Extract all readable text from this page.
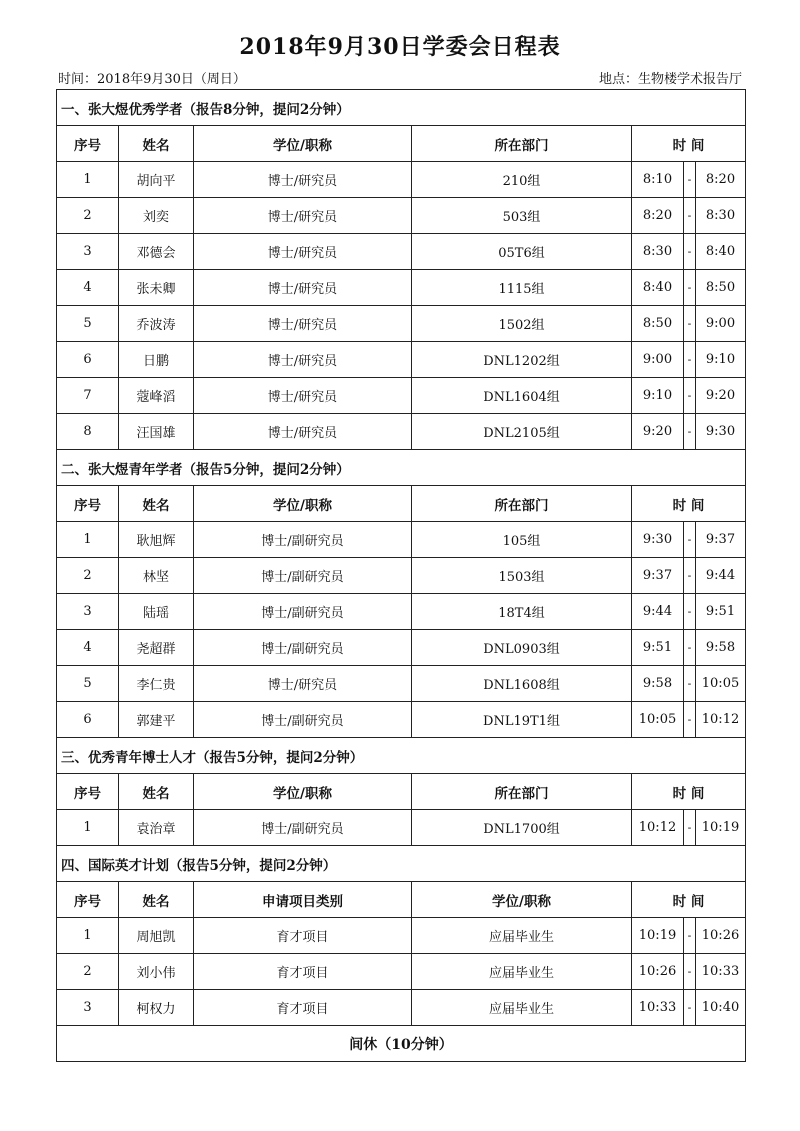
2018年9月30日学委会日程表
时间：2018年9月30日（周日）	地点：生物楼学术报告厅
一、张大煜优秀学者（报告8分钟，提问2分钟）						
序号	姓名	学位/职称	所在部门	时 间		
1	胡向平	博士/研究员	210组	8:10	-	8:20
2	刘奕	博士/研究员	503组	8:20	-	8:30
3	邓德会	博士/研究员	05T6组	8:30	-	8:40
4	张未卿	博士/研究员	1115组	8:40	-	8:50
5	乔波涛	博士/研究员	1502组	8:50	-	9:00
6	日鹏	博士/研究员	DNL1202组	9:00	-	9:10
7	蔻峰滔	博士/研究员	DNL1604组	9:10	-	9:20
8	汪国雄	博士/研究员	DNL2105组	9:20	-	9:30
二、张大煜青年学者（报告5分钟，提问2分钟）						
序号	姓名	学位/职称	所在部门	时 间		
1	耿旭辉	博士/副研究员	105组	9:30	-	9:37
2	林坚	博士/副研究员	1503组	9:37	-	9:44
3	陆瑶	博士/副研究员	18T4组	9:44	-	9:51
4	尧超群	博士/副研究员	DNL0903组	9:51	-	9:58
5	李仁贵	博士/研究员	DNL1608组	9:58	-	10:05
6	郭建平	博士/副研究员	DNL19T1组	10:05	-	10:12
三、优秀青年博士人才（报告5分钟，提问2分钟）						
序号	姓名	学位/职称	所在部门	时 间		
1	袁治章	博士/副研究员	DNL1700组	10:12	-	10:19
四、国际英才计划（报告5分钟，提问2分钟）						
序号	姓名	申请项目类别	学位/职称	时 间		
1	周旭凯	育才项目	应届毕业生	10:19	-	10:26
2	刘小伟	育才项目	应届毕业生	10:26	-	10:33
3	柯权力	育才项目	应届毕业生	10:33	-	10:40
间休（10分钟）						
